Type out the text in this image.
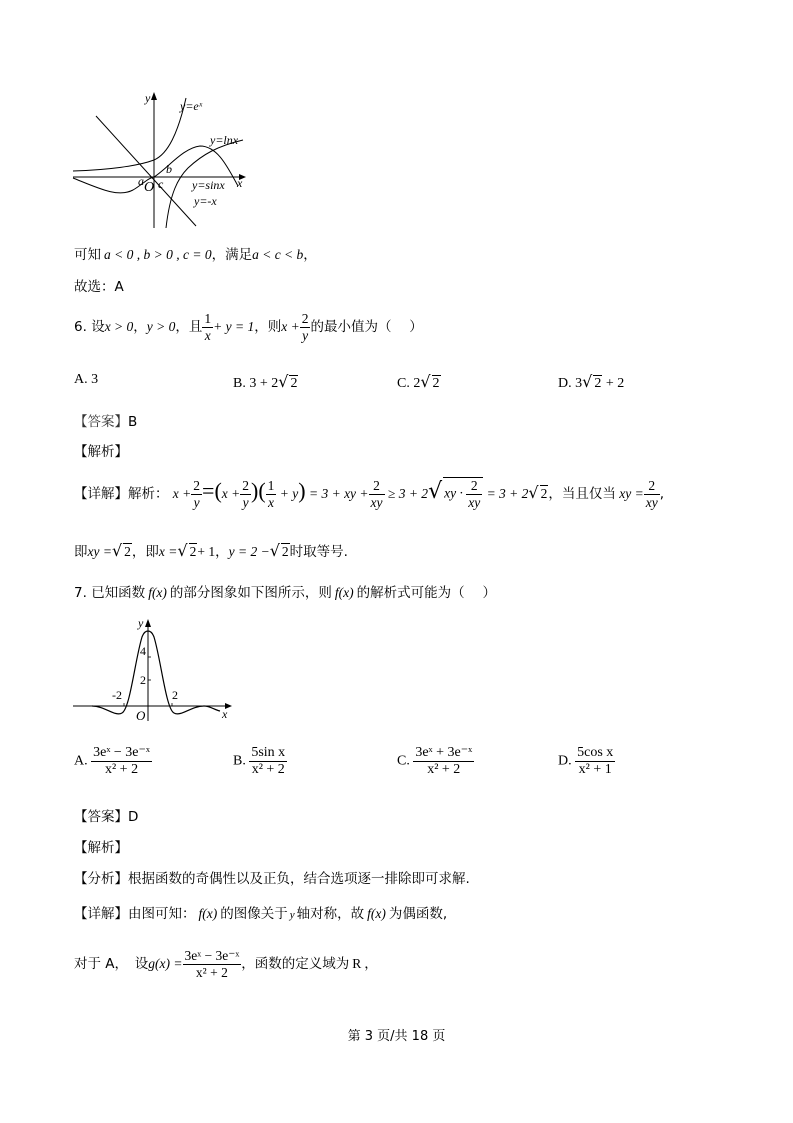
y
x
O
y=eˣ
y=lnx
y=sinx
y=-x
a
b
c
可知 a < 0 , b > 0 , c = 0，满足a < c < b，
故选：A
6. 设x > 0，y > 0，且 $\frac{1}{x} + y = 1$，则$x + \frac{2}{y}$ 的最小值为（　 ）
A. 3	B. 3 + 2√ 2	C. 2√ 2	D. 3√ 2 + 2
【答案】B
【解析】
【详解】解析： $x + \frac{2}{y} =(x + \frac{2}{y}$ )( $\frac{1}{x} + y) = 3$ + xy + $\frac{2}{xy} \ge 3 + 2√$ xy · $\frac{2}{xy} = 3 + 2√$ 2，当且仅当 xy = $\frac{2}{xy}$ ,
即xy =√ 2，即x =√ 2+ 1，y = 2 −√ 2时取等号.
7. 已知函数 f(x) 的部分图象如下图所示，则 f(x) 的解析式可能为（　 ）
y
x
O
4
2
-2	2
A. $\frac{\text{3eˣ − 3e⁻ˣ}}{\text{x² + 2}}$	B. $\frac{\text{5sin x}}{\text{x² + 2}}$	C. $\frac{\text{3eˣ + 3e⁻ˣ}}{\text{x² + 2}}$	D. $\frac{\text{5cos x}}{\text{x² + 1}}$
【答案】D
【解析】
【分析】根据函数的奇偶性以及正负，结合选项逐一排除即可求解.
【详解】由图可知： f(x) 的图像关于 y 轴对称，故 f(x) 为偶函数,
对于 A，　设$g(x) = \frac{\text{3eˣ − 3e⁻ˣ}}{\text{x² + 2}}$ ，函数的定义域为 R ，
第 3 页/共 18 页
